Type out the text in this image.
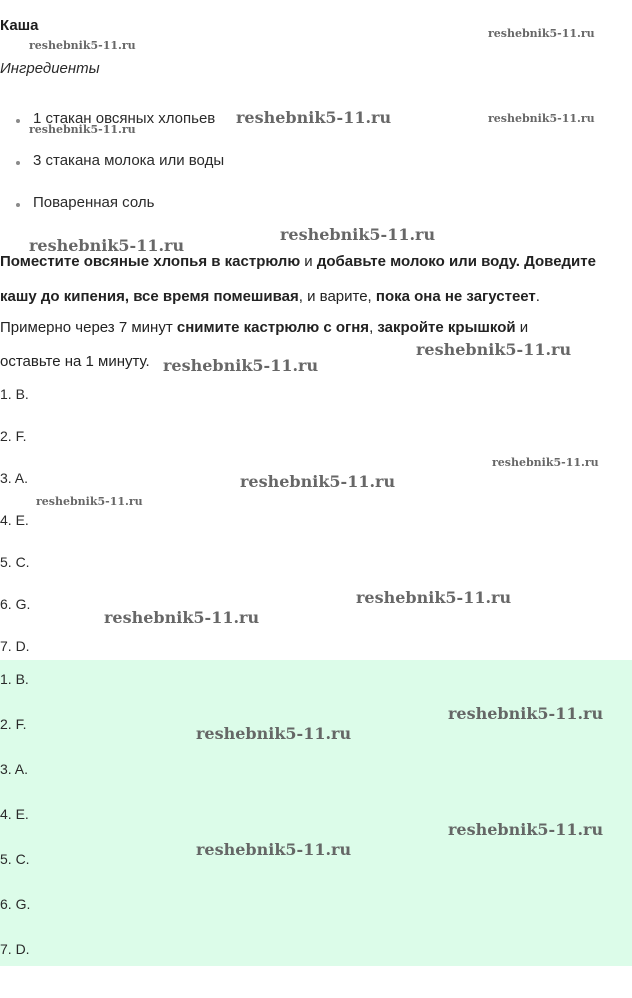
Каша
Ингредиенты
1 стакан овсяных хлопьев
3 стакана молока или воды
Поваренная соль
Поместите овсяные хлопья в кастрюлю и добавьте молоко или воду. Доведите
кашу до кипения, все время помешивая, и варите, пока она не загустеет.
Примерно через 7 минут снимите кастрюлю с огня, закройте крышкой и
оставьте на 1 минуту.
1. B.
2. F.
3. A.
4. E.
5. C.
6. G.
7. D.
1. B.
2. F.
3. A.
4. E.
5. C.
6. G.
7. D.
reshebnik5-11.ru
reshebnik5-11.ru
reshebnik5-11.ru	reshebnik5-11.ru
reshebnik5-11.ru
reshebnik5-11.ru
reshebnik5-11.ru
reshebnik5-11.ru
reshebnik5-11.ru
reshebnik5-11.ru
reshebnik5-11.ru
reshebnik5-11.ru
reshebnik5-11.ru
reshebnik5-11.ru
reshebnik5-11.ru
reshebnik5-11.ru
reshebnik5-11.ru
reshebnik5-11.ru
